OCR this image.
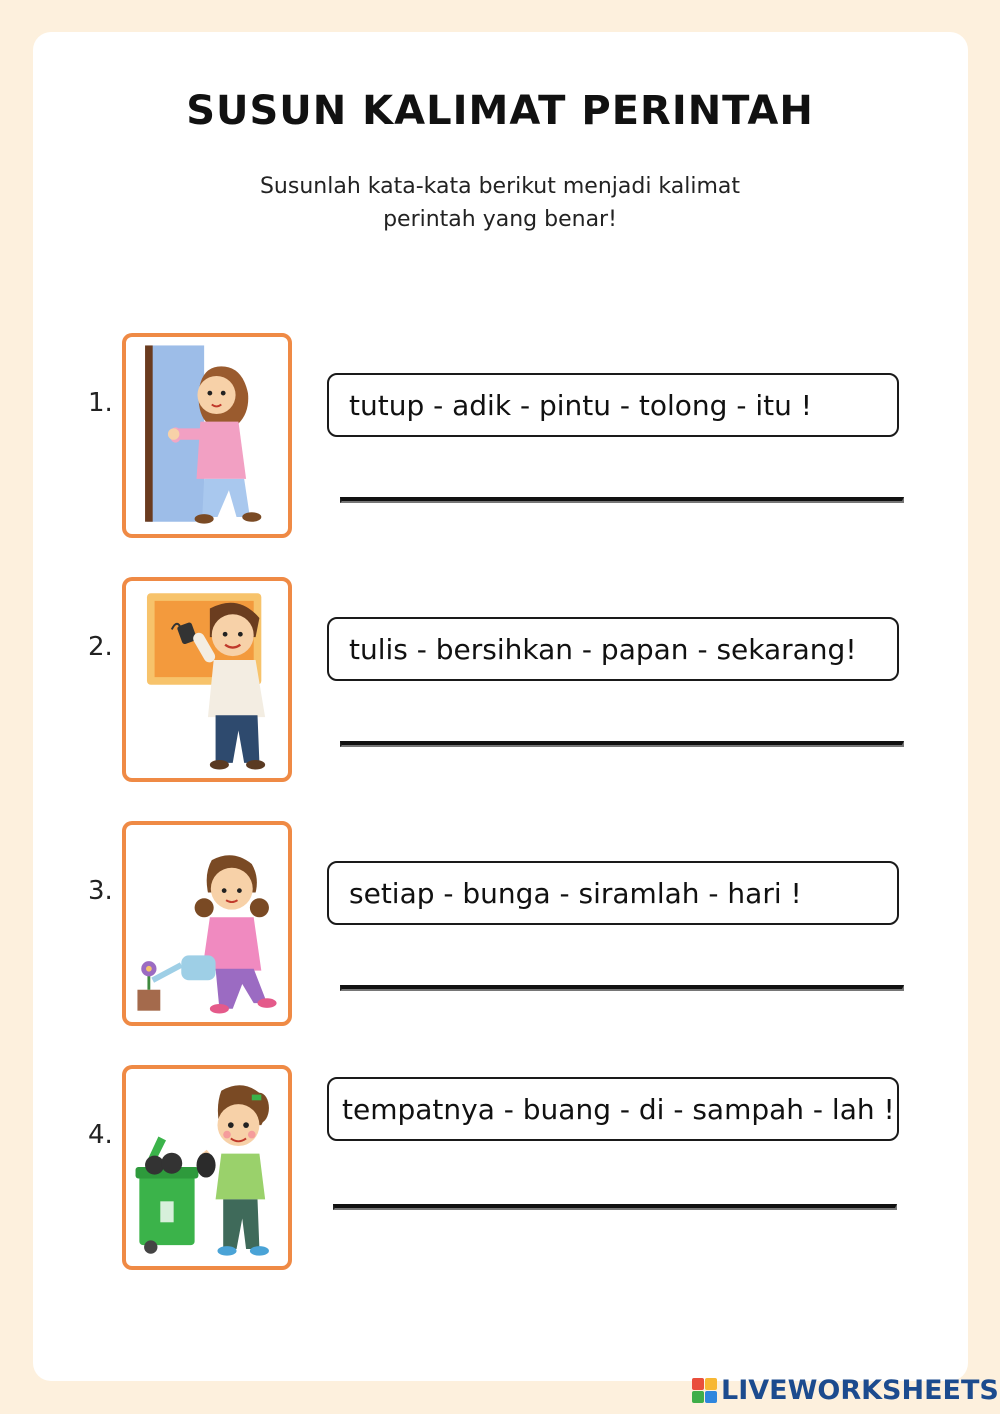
SUSUN KALIMAT PERINTAH
Susunlah kata-kata berikut menjadi kalimat
perintah yang benar!
1.	tutup - adik - pintu - tolong - itu !
2.	tulis - bersihkan - papan - sekarang!
3.	setiap - bunga - siramlah - hari !
4.
tempatnya - buang - di - sampah - lah !
LIVEWORKSHEETS
